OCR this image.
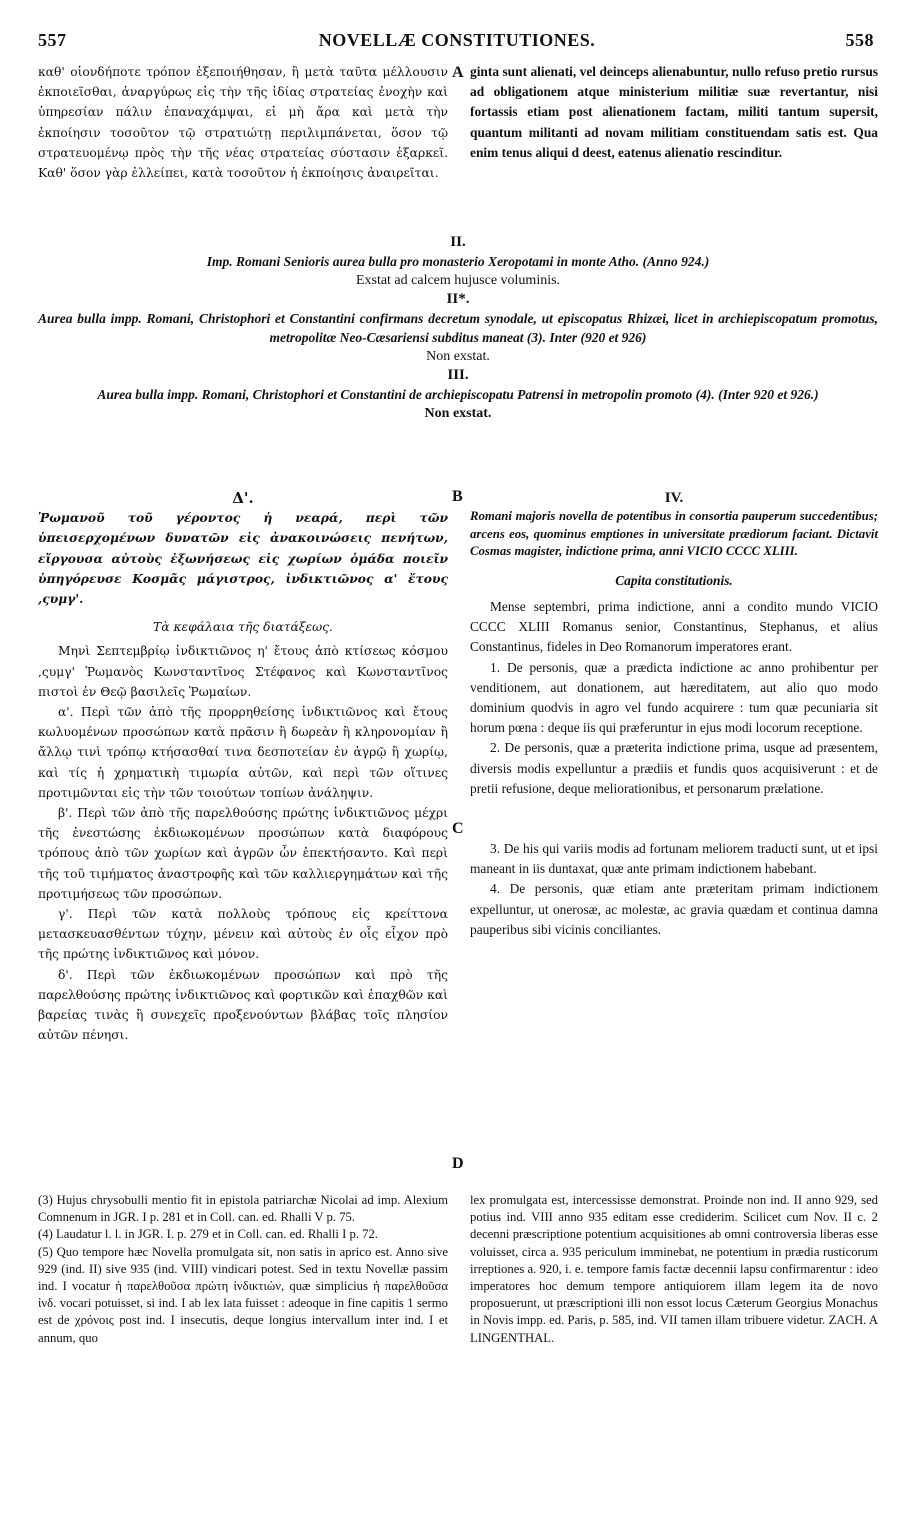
557	NOVELLÆ CONSTITUTIONES.	558
καθ' οἱονδήποτε τρόπον ἐξεποιήθησαν, ἢ μετὰ ταῦτα μέλλουσιν ἐκποιεῖσθαι, ἀναργύρως εἰς τὴν τῆς ἰδίας στρατείας ἐνοχὴν καὶ ὑπηρεσίαν πάλιν ἐπαναχάμψαι, εἰ μὴ ἄρα καὶ μετὰ τὴν ἐκποίησιν τοσοῦτον τῷ στρατιώτῃ περιλιμπάνεται, ὅσον τῷ στρατευομένῳ πρὸς τὴν τῆς νέας στρατείας σύστασιν ἐξαρκεῖ. Καθ' ὅσον γὰρ ἐλλείπει, κατὰ τοσοῦτον ἡ ἐκποίησις ἀναιρεῖται.
A ginta sunt alienati, vel deinceps alienabuntur, nullo refuso pretio rursus ad obligationem atque ministerium militiæ suæ revertantur, nisi fortassis etiam post alienationem factam, militi tantum supersit, quantum militanti ad novam militiam constituendam satis est. Qua enim tenus aliqui d deest, eatenus alienatio rescinditur.
II.
Imp. Romani Senioris aurea bulla pro monasterio Xeropotami in monte Atho. (Anno 924.)
Exstat ad calcem hujusce voluminis.
II*.
Aurea bulla impp. Romani, Christophori et Constantini confirmans decretum synodale, ut episcopatus Rhizæi, licet in archiepiscopatum promotus, metropolitæ Neo-Cæsariensi subditus maneat (3). Inter (920 et 926)
Non exstat.
III.
Aurea bulla impp. Romani, Christophori et Constantini de archiepiscopatu Patrensi in metropolin promoto (4). (Inter 920 et 926.)
Non exstat.
Δ'.

Ῥωμανοῦ τοῦ γέροντος ἡ νεαρά, περὶ τῶν ὑπεισερχομένων δυνατῶν εἰς ἀνακοινώσεις πενήτων, εἴργουσα αὐτοὺς ἐξωνήσεως εἰς χωρίων ὁμάδα ποιεῖν ὑπηγόρευσε Κοσμᾶς μάγιστρος, ἰνδικτιῶνος α' ἔτους ,ςυμγ'.

Τὰ κεφάλαια τῆς διατάξεως.

Μηνὶ Σεπτεμβρίῳ ἰνδικτιῶνος η' ἔτους ἀπὸ κτίσεως κόσμου ,ςυμγ' Ῥωμανὸς Κωνσταντῖνος Στέφανος καὶ Κωνσταντῖνος πιστοὶ ἐν Θεῷ βασιλεῖς Ῥωμαίων.

α'. Περὶ τῶν ἀπὸ τῆς προρρηθείσης ἰνδικτιῶνος καὶ ἔτους κωλυομένων προσώπων κατὰ πρᾶσιν ἢ δωρεὰν ἢ κληρονομίαν ἢ ἄλλῳ τινὶ τρόπῳ κτήσασθαί τινα δεσποτείαν ἐν ἀγρῷ ἢ χωρίῳ, καὶ τίς ἡ χρηματικὴ τιμωρία αὐτῶν, καὶ περὶ τῶν οἵτινες προτιμῶνται εἰς τὴν τῶν τοιούτων τοπίων ἀνάληψιν.

β'. Περὶ τῶν ἀπὸ τῆς παρελθούσης πρώτης ἰνδικτιῶνος μέχρι τῆς ἐνεστώσης ἐκδιωκομένων προσώπων κατὰ διαφόρους τρόπους ἀπὸ τῶν χωρίων καὶ ἀγρῶν ὧν ἐπεκτήσαντο. Καὶ περὶ τῆς τοῦ τιμήματος ἀναστροφῆς καὶ τῶν καλλιεργημάτων καὶ τῆς προτιμήσεως τῶν προσώπων.

γ'. Περὶ τῶν κατὰ πολλοὺς τρόπους εἰς κρείττονα μετασκευασθέντων τύχην, μένειν καὶ αὐτοὺς ἐν οἷς εἶχον πρὸ τῆς πρώτης ἰνδικτιῶνος καὶ μόνον.

δ'. Περὶ τῶν ἐκδιωκομένων προσώπων καὶ πρὸ τῆς παρελθούσης πρώτης ἰνδικτιῶνος καὶ φορτικῶν καὶ ἐπαχθῶν καὶ βαρείας τινὰς ἢ συνεχεῖς προξενούντων βλάβας τοῖς πλησίον αὐτῶν πένησι.

B
C
D
IV.

Romani majoris novella de potentibus in consortia pauperum succedentibus; arcens eos, quominus emptiones in universitate prædiorum faciant. Dictavit Cosmas magister, indictione prima, anni VICIO CCCC XLIII.

Capita constitutionis.

Mense septembri, prima indictione, anni a condito mundo VICIO CCCC XLIII Romanus senior, Constantinus, Stephanus, et alius Constantinus, fideles in Deo Romanorum imperatores erant.

1. De personis, quæ a prædicta indictione ac anno prohibentur per venditionem, aut donationem, aut hæreditatem, aut alio quo modo dominium quodvis in agro vel fundo acquirere : tum quæ pecuniaria sit horum pœna : deque iis qui præferuntur in ejus modi locorum receptione.

2. De personis, quæ a præterita indictione prima, usque ad præsentem, diversis modis expelluntur a prædiis et fundis quos acquisiverunt : et de pretii refusione, deque meliorationibus, et personarum prælatione.

3. De his qui variis modis ad fortunam meliorem traducti sunt, ut et ipsi maneant in iis duntaxat, quæ ante primam indictionem habebant.

4. De personis, quæ etiam ante præteritam primam indictionem expelluntur, ut onerosæ, ac molestæ, ac gravia quædam et continua damna pauperibus sibi vicinis conciliantes.

(3) Hujus chrysobulli mentio fit in epistola patriarchæ Nicolai ad imp. Alexium Comnenum in JGR. I p. 281 et in Coll. can. ed. Rhalli V p. 75.

(4) Laudatur l. l. in JGR. I. p. 279 et in Coll. can. ed. Rhalli I p. 72.

(5) Quo tempore hæc Novella promulgata sit, non satis in aprico est. Anno sive 929 (ind. II) sive 935 (ind. VIII) vindicari potest. Sed in textu Novellæ passim ind. I vocatur ἡ παρελθοῦσα πρώτη ἰνδικτιών, quæ simplicius ἡ παρελθοῦσα ἰνδ. vocari potuisset, si ind. I ab lex lata fuisset : adeoque in fine capitis 1 sermo est de χρόνοις post ind. I insecutis, deque longius intervallum inter ind. I et annum, quo

lex promulgata est, intercessisse demonstrat. Proinde non ind. II anno 929, sed potius ind. VIII anno 935 editam esse crediderim. Scilicet cum Nov. II c. 2 decenni præscriptione potentium acquisitiones ab omni controversia liberas esse voluisset, circa a. 935 periculum imminebat, ne potentium in prædia rusticorum irreptiones a. 920, i. e. tempore famis factæ decennii lapsu confirmarentur : ideo imperatores hoc demum tempore antiquiorem illam legem ita de novo proposuerunt, ut præscriptioni illi non essot locus Cæterum Georgius Monachus in Novis impp. ed. Paris, p. 585, ind. VII tamen illam tribuere videtur. ZACH. A LINGENTHAL.
